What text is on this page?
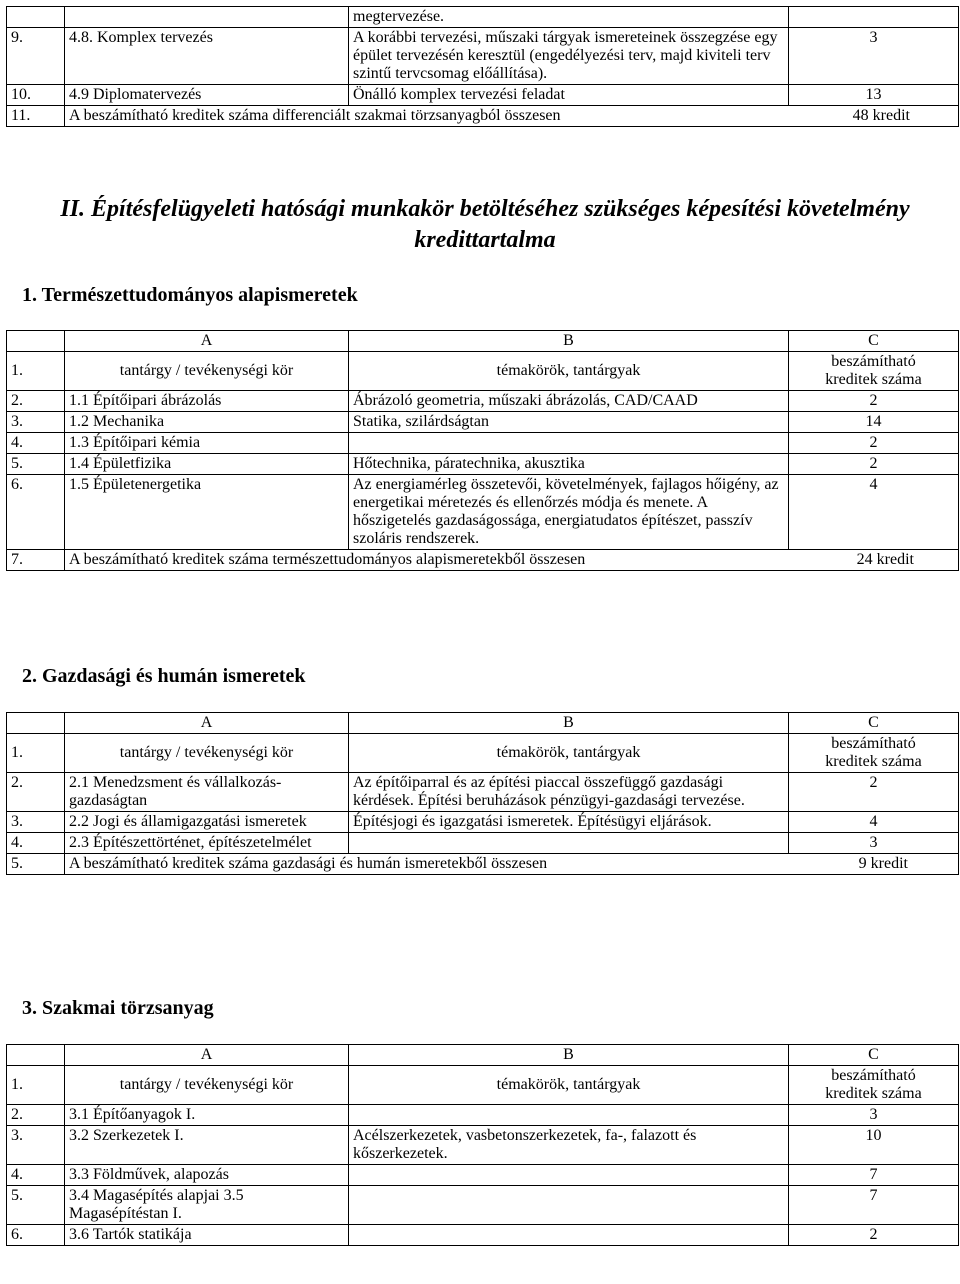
		megtervezése.	
9.	4.8. Komplex tervezés	A korábbi tervezési, műszaki tárgyak ismereteinek összegzése egy épület tervezésén keresztül (engedélyezési terv, majd kiviteli terv szintű tervcsomag előállítása).	3
10.	4.9 Diplomatervezés	Önálló komplex tervezési feladat	13
11.	A beszámítható kreditek száma differenciált szakmai törzsanyagból összesen 48 kredit		
II. Építésfelügyeleti hatósági munkakör betöltéséhez szükséges képesítési követelmény kredittartalma
1. Természettudományos alapismeretek
	A	B	C
1.	tantárgy / tevékenységi kör	témakörök, tantárgyak	beszámítható
kreditek száma

2.	1.1 Építőipari ábrázolás	Ábrázoló geometria, műszaki ábrázolás, CAD/CAAD	2
3.	1.2 Mechanika	Statika, szilárdságtan	14
4.	1.3 Építőipari kémia		2
5.	1.4 Épületfizika	Hőtechnika, páratechnika, akusztika	2
6.	1.5 Épületenergetika	Az energiamérleg összetevői, követelmények, fajlagos hőigény, az energetikai méretezés és ellenőrzés módja és menete. A hőszigetelés gazdaságossága, energiatudatos építészet, passzív szoláris rendszerek.	4
7.	A beszámítható kreditek száma természettudományos alapismeretekből összesen 24 kredit		
2. Gazdasági és humán ismeretek
	A	B	C
1.	tantárgy / tevékenységi kör	témakörök, tantárgyak	beszámítható
kreditek száma

2.	2.1 Menedzsment és vállalkozás-gazdaságtan	Az építőiparral és az építési piaccal összefüggő gazdasági kérdések. Építési beruházások pénzügyi-gazdasági tervezése.	2
3.	2.2 Jogi és államigazgatási ismeretek	Építésjogi és igazgatási ismeretek. Építésügyi eljárások.	4
4.	2.3 Építészettörténet, építészetelmélet		3
5.	A beszámítható kreditek száma gazdasági és humán ismeretekből összesen 9 kredit		
3. Szakmai törzsanyag
	A	B	C
1.	tantárgy / tevékenységi kör	témakörök, tantárgyak	beszámítható
kreditek száma

2.	3.1 Építőanyagok I.		3
3.	3.2 Szerkezetek I.	Acélszerkezetek, vasbetonszerkezetek, fa-, falazott és kőszerkezetek.	10
4.	3.3 Földművek, alapozás		7
5.	3.4 Magasépítés alapjai 3.5 Magasépítéstan I.		7
6.	3.6 Tartók statikája		2
